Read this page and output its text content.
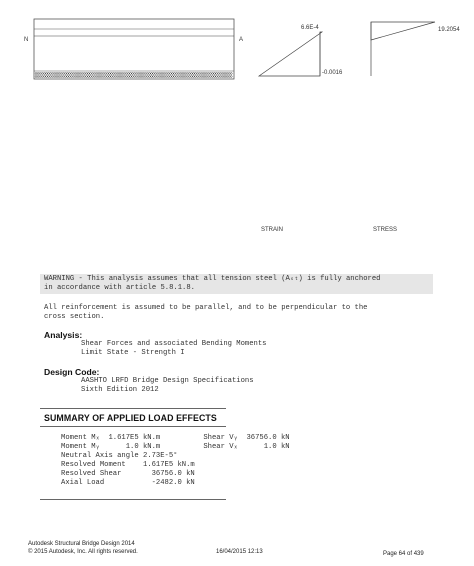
N	A
6.6E-4
-0.0016
19.2054
STRAIN	STRESS
WARNING - This analysis assumes that all tension steel (Aₛₜ) is fully anchored
in accordance with article 5.8.1.8.
All reinforcement is assumed to be parallel, and to be perpendicular to the
cross section.
Analysis:
Shear Forces and associated Bending Moments
Limit State - Strength I
Design Code:
AASHTO LRFD Bridge Design Specifications
Sixth Edition 2012
SUMMARY OF APPLIED LOAD EFFECTS
Moment Mₓ  1.617E5 kN.m          Shear Vᵧ  36756.0 kN
Moment Mᵧ      1.0 kN.m          Shear Vₓ      1.0 kN
Neutral Axis angle 2.73E-5°
Resolved Moment    1.617E5 kN.m
Resolved Shear       36756.0 kN
Axial Load           -2482.0 kN
Autodesk Structural Bridge Design 2014
© 2015 Autodesk, Inc. All rights reserved.	16/04/2015 12:13	Page 64 of 439
